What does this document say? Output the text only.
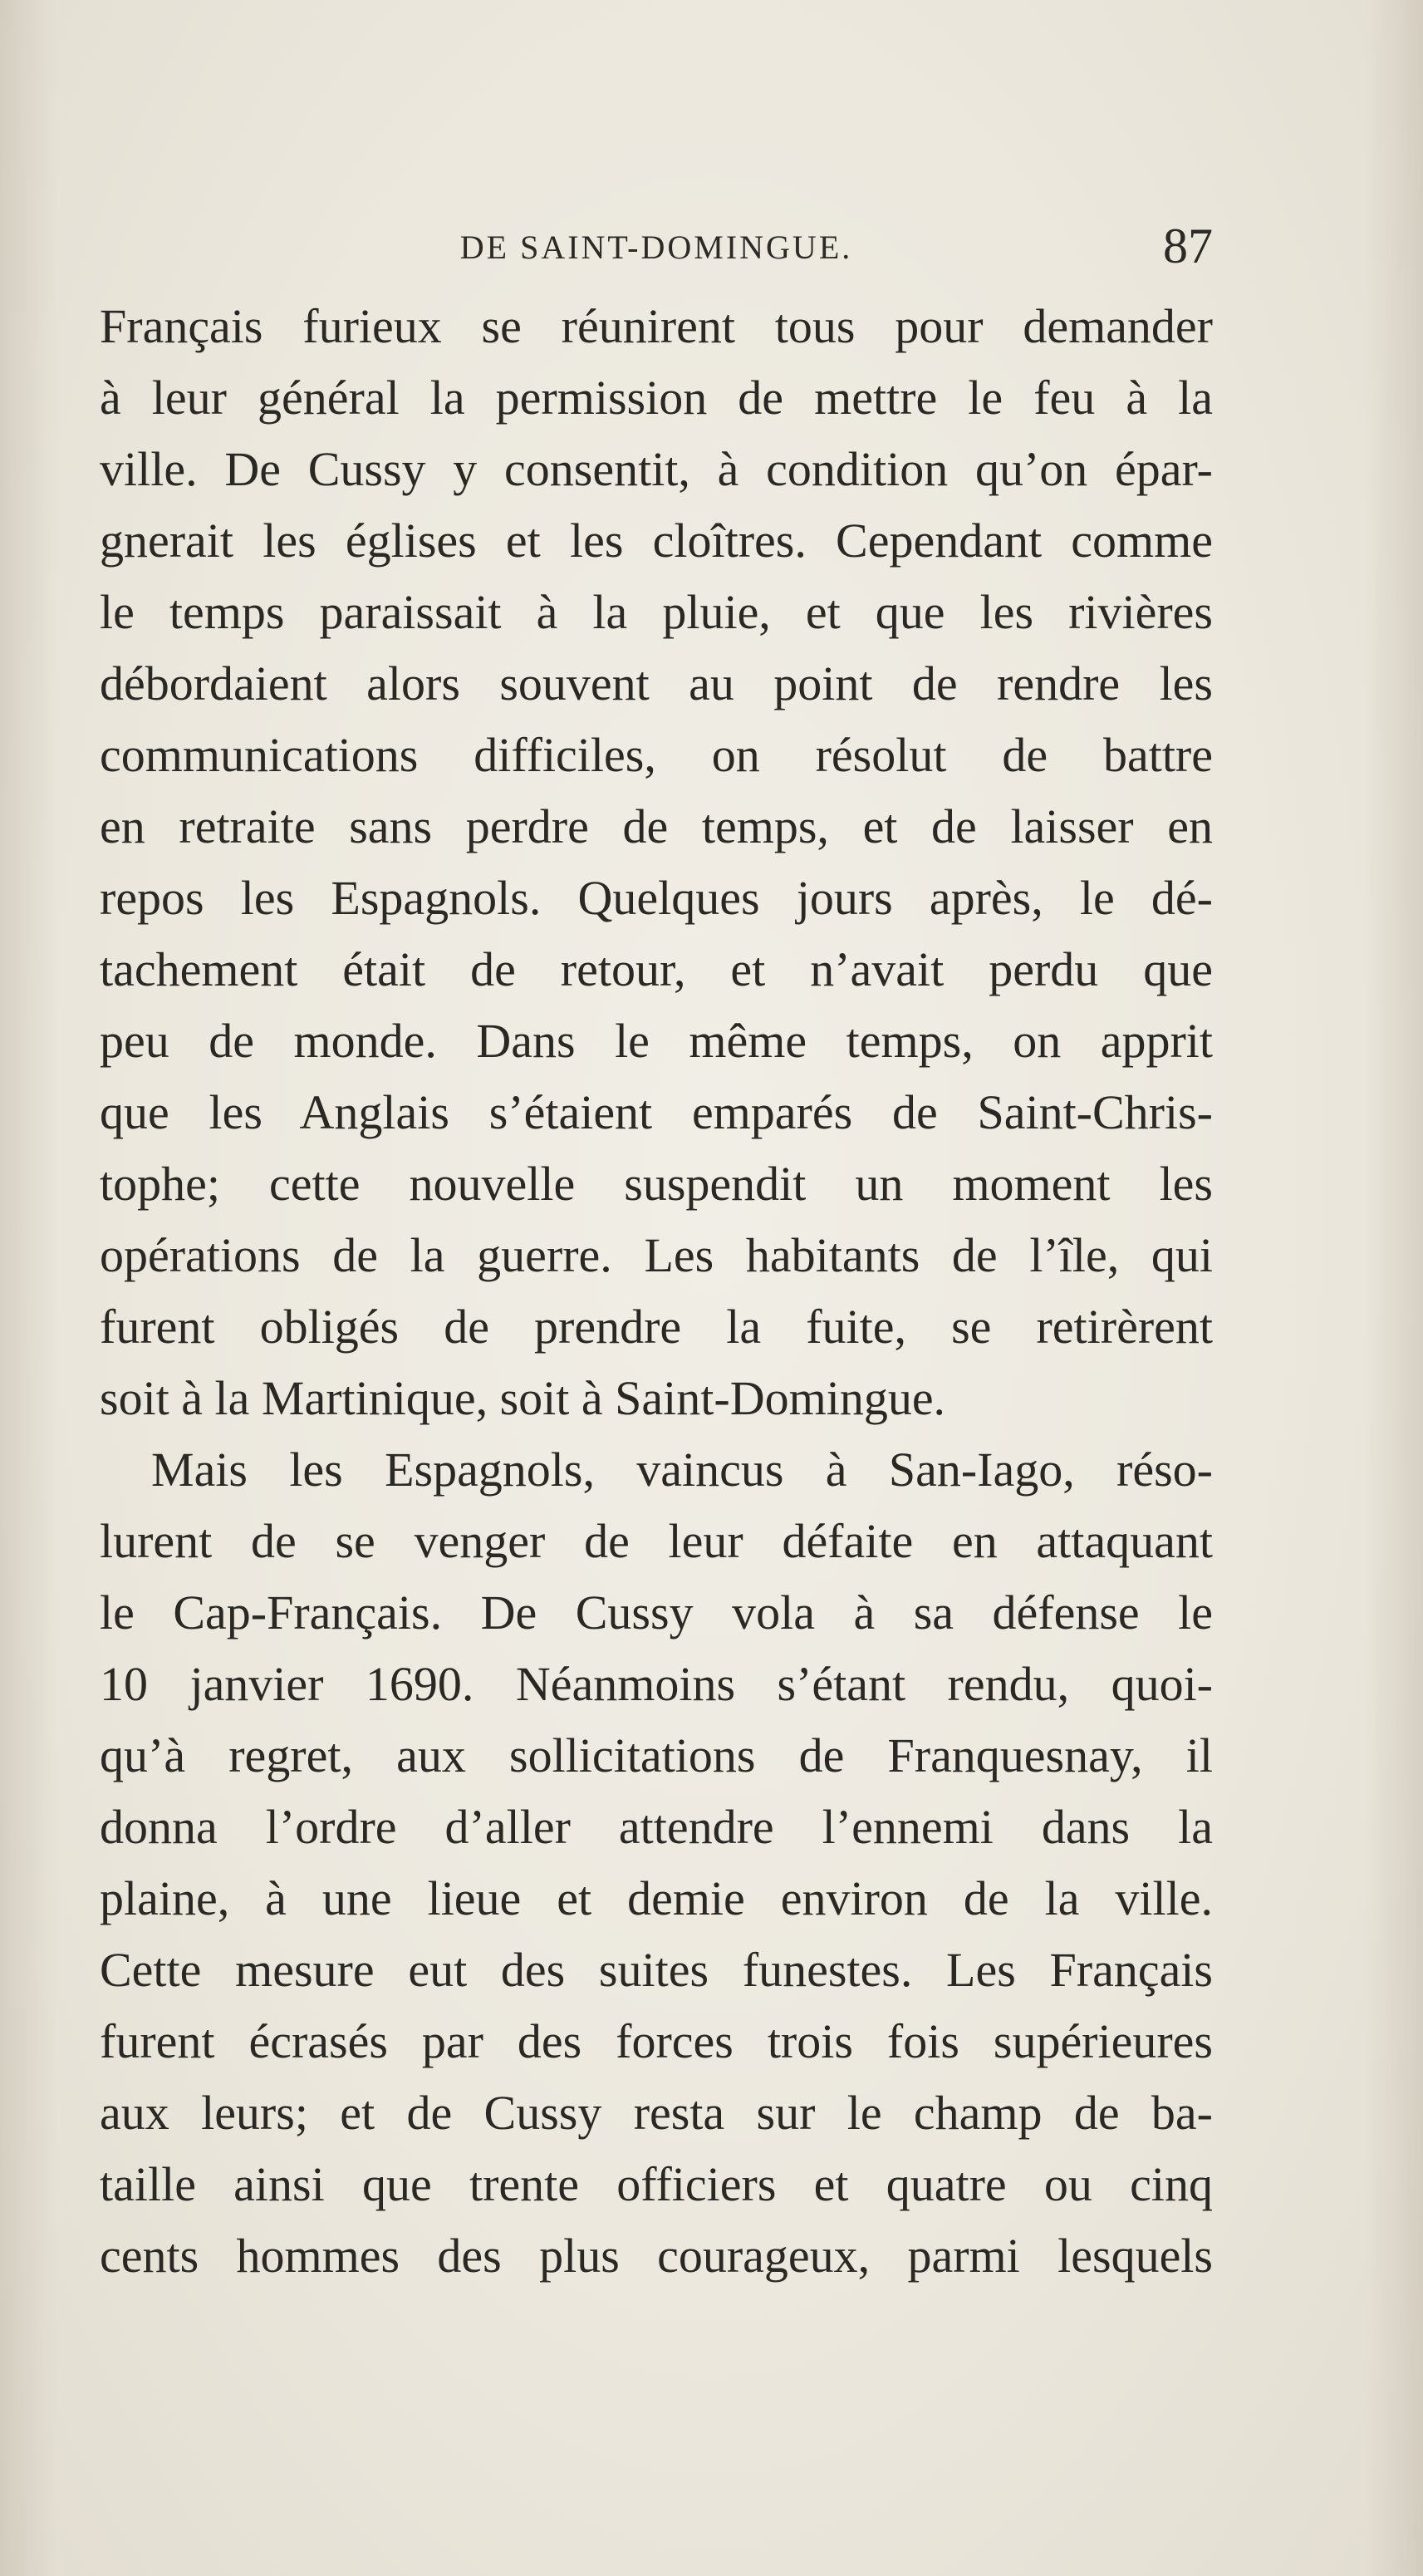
DE SAINT-DOMINGUE.	87
Français furieux se réunirent tous pour demander
à leur général la permission de mettre le feu à la
ville. De Cussy y consentit, à condition qu’on épar-
gnerait les églises et les cloîtres. Cependant comme
le temps paraissait à la pluie, et que les rivières
débordaient alors souvent au point de rendre les
communications difficiles, on résolut de battre
en retraite sans perdre de temps, et de laisser en
repos les Espagnols. Quelques jours après, le dé-
tachement était de retour, et n’avait perdu que
peu de monde. Dans le même temps, on apprit
que les Anglais s’étaient emparés de Saint-Chris-
tophe; cette nouvelle suspendit un moment les
opérations de la guerre. Les habitants de l’île, qui
furent obligés de prendre la fuite, se retirèrent
soit à la Martinique, soit à Saint-Domingue.
Mais les Espagnols, vaincus à San-Iago, réso-
lurent de se venger de leur défaite en attaquant
le Cap-Français. De Cussy vola à sa défense le
10 janvier 1690. Néanmoins s’étant rendu, quoi-
qu’à regret, aux sollicitations de Franquesnay, il
donna l’ordre d’aller attendre l’ennemi dans la
plaine, à une lieue et demie environ de la ville.
Cette mesure eut des suites funestes. Les Français
furent écrasés par des forces trois fois supérieures
aux leurs; et de Cussy resta sur le champ de ba-
taille ainsi que trente officiers et quatre ou cinq
cents hommes des plus courageux, parmi lesquels
